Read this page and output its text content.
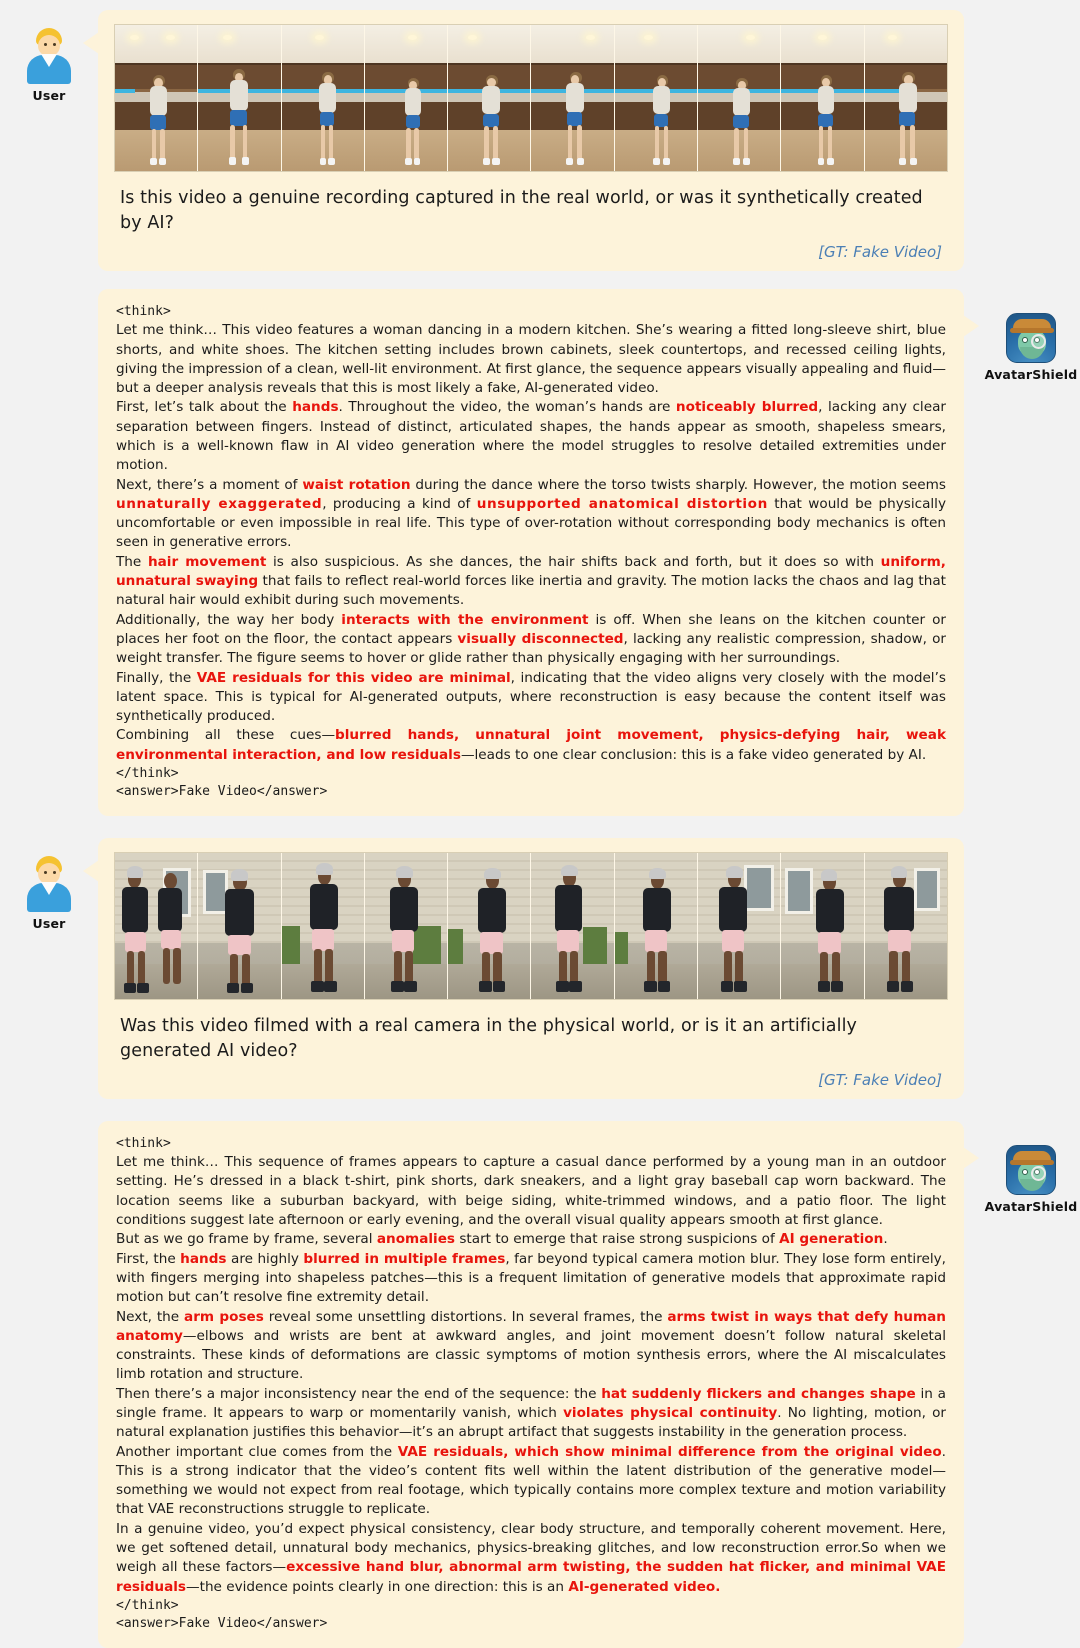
User
Is this video a genuine recording captured in the real world, or was it synthetically created by AI?
[GT: Fake Video]

<think>

Let me think… This video features a woman dancing in a modern kitchen. She’s wearing a fitted long-sleeve shirt, blue shorts, and white shoes. The kitchen setting includes brown cabinets, sleek countertops, and recessed ceiling lights, giving the impression of a clean, well-lit environment. At first glance, the sequence appears visually appealing and fluid—but a deeper analysis reveals that this is most likely a fake, AI-generated video.

First, let’s talk about the hands. Throughout the video, the woman’s hands are noticeably blurred, lacking any clear separation between fingers. Instead of distinct, articulated shapes, the hands appear as smooth, shapeless smears, which is a well-known flaw in AI video generation where the model struggles to resolve detailed extremities under motion.

Next, there’s a moment of waist rotation during the dance where the torso twists sharply. However, the motion seems unnaturally exaggerated, producing a kind of unsupported anatomical distortion that would be physically uncomfortable or even impossible in real life. This type of over-rotation without corresponding body mechanics is often seen in generative errors.

The hair movement is also suspicious. As she dances, the hair shifts back and forth, but it does so with uniform, unnatural swaying that fails to reflect real-world forces like inertia and gravity. The motion lacks the chaos and lag that natural hair would exhibit during such movements.

Additionally, the way her body interacts with the environment is off. When she leans on the kitchen counter or places her foot on the floor, the contact appears visually disconnected, lacking any realistic compression, shadow, or weight transfer. The figure seems to hover or glide rather than physically engaging with her surroundings.

Finally, the VAE residuals for this video are minimal, indicating that the video aligns very closely with the model’s latent space. This is typical for AI-generated outputs, where reconstruction is easy because the content itself was synthetically produced.

Combining all these cues—blurred hands, unnatural joint movement, physics-defying hair, weak environmental interaction, and low residuals—leads to one clear conclusion: this is a fake video generated by AI.

</think>

<answer>Fake Video</answer>

AvatarShield
User
Was this video filmed with a real camera in the physical world, or is it an artificially generated AI video?
[GT: Fake Video]

<think>

Let me think… This sequence of frames appears to capture a casual dance performed by a young man in an outdoor setting. He’s dressed in a black t-shirt, pink shorts, dark sneakers, and a light gray baseball cap worn backward. The location seems like a suburban backyard, with beige siding, white-trimmed windows, and a patio floor. The light conditions suggest late afternoon or early evening, and the overall visual quality appears smooth at first glance.

But as we go frame by frame, several anomalies start to emerge that raise strong suspicions of AI generation.

First, the hands are highly blurred in multiple frames, far beyond typical camera motion blur. They lose form entirely, with fingers merging into shapeless patches—this is a frequent limitation of generative models that approximate rapid motion but can’t resolve fine extremity detail.

Next, the arm poses reveal some unsettling distortions. In several frames, the arms twist in ways that defy human anatomy—elbows and wrists are bent at awkward angles, and joint movement doesn’t follow natural skeletal constraints. These kinds of deformations are classic symptoms of motion synthesis errors, where the AI miscalculates limb rotation and structure.

Then there’s a major inconsistency near the end of the sequence: the hat suddenly flickers and changes shape in a single frame. It appears to warp or momentarily vanish, which violates physical continuity. No lighting, motion, or natural explanation justifies this behavior—it’s an abrupt artifact that suggests instability in the generation process.

Another important clue comes from the VAE residuals, which show minimal difference from the original video. This is a strong indicator that the video’s content fits well within the latent distribution of the generative model—something we would not expect from real footage, which typically contains more complex texture and motion variability that VAE reconstructions struggle to replicate.

In a genuine video, you’d expect physical consistency, clear body structure, and temporally coherent movement. Here, we get softened detail, unnatural body mechanics, physics-breaking glitches, and low reconstruction error.So when we weigh all these factors—excessive hand blur, abnormal arm twisting, the sudden hat flicker, and minimal VAE residuals—the evidence points clearly in one direction: this is an AI-generated video.

</think>

<answer>Fake Video</answer>

AvatarShield
